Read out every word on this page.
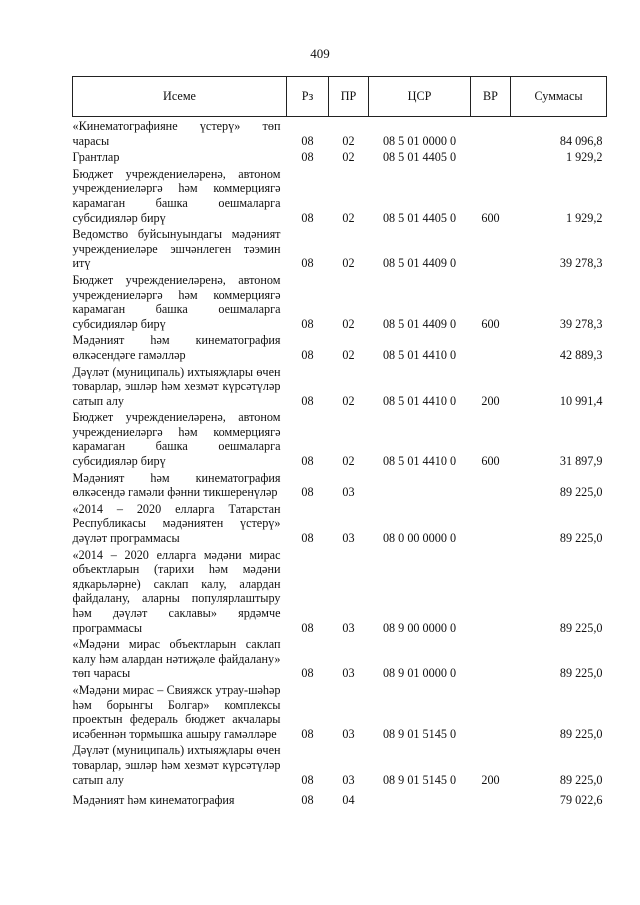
409
Исеме	Рз	ПР	ЦСР	ВР	Суммасы
«Кинематографияне үстерү» төп чарасы	08	02	08 5 01 0000 0		84 096,8
Грантлар	08	02	08 5 01 4405 0		1 929,2
Бюджет учреждениеләренә, автоном учреждениеләргә һәм коммерциягә карамаган башка оешмаларга субсидияләр бирү	08	02	08 5 01 4405 0	600	1 929,2
Ведомство буйсынуындагы мәдәният учреждениеләре эшчәнлеген тәэмин итү	08	02	08 5 01 4409 0		39 278,3
Бюджет учреждениеләренә, автоном учреждениеләргә һәм коммерциягә карамаган башка оешмаларга субсидияләр бирү	08	02	08 5 01 4409 0	600	39 278,3
Мәдәният һәм кинематография өлкәсендәге гамәлләр	08	02	08 5 01 4410 0		42 889,3
Дәүләт (муниципаль) ихтыяҗлары өчен товарлар, эшләр һәм хезмәт күрсәтүләр сатып алу	08	02	08 5 01 4410 0	200	10 991,4
Бюджет учреждениеләренә, автоном учреждениеләргә һәм коммерциягә карамаган башка оешмаларга субсидияләр бирү	08	02	08 5 01 4410 0	600	31 897,9
Мәдәният һәм кинематография өлкәсендә гамәли фәнни тикшеренүләр	08	03			89 225,0
«2014 – 2020 елларга Татарстан Республикасы мәдәниятен үстерү» дәүләт программасы	08	03	08 0 00 0000 0		89 225,0
«2014 – 2020 елларга мәдәни мирас объектларын (тарихи һәм мәдәни ядкарьләрне) саклап калу, алардан файдалану, аларны популярлаштыру һәм дәүләт саклавы» ярдәмче программасы	08	03	08 9 00 0000 0		89 225,0
«Мәдәни мирас объектларын саклап калу һәм алардан нәтиҗәле файдалану» төп чарасы	08	03	08 9 01 0000 0		89 225,0
«Мәдәни мирас – Свияжск утрау-шәһәр һәм борынгы Болгар» комплексы проектын федераль бюджет акчалары исәбеннән тормышка ашыру гамәлләре	08	03	08 9 01 5145 0		89 225,0
Дәүләт (муниципаль) ихтыяҗлары өчен товарлар, эшләр һәм хезмәт күрсәтүләр сатып алу	08	03	08 9 01 5145 0	200	89 225,0
Мәдәният һәм кинематография	08	04			79 022,6
